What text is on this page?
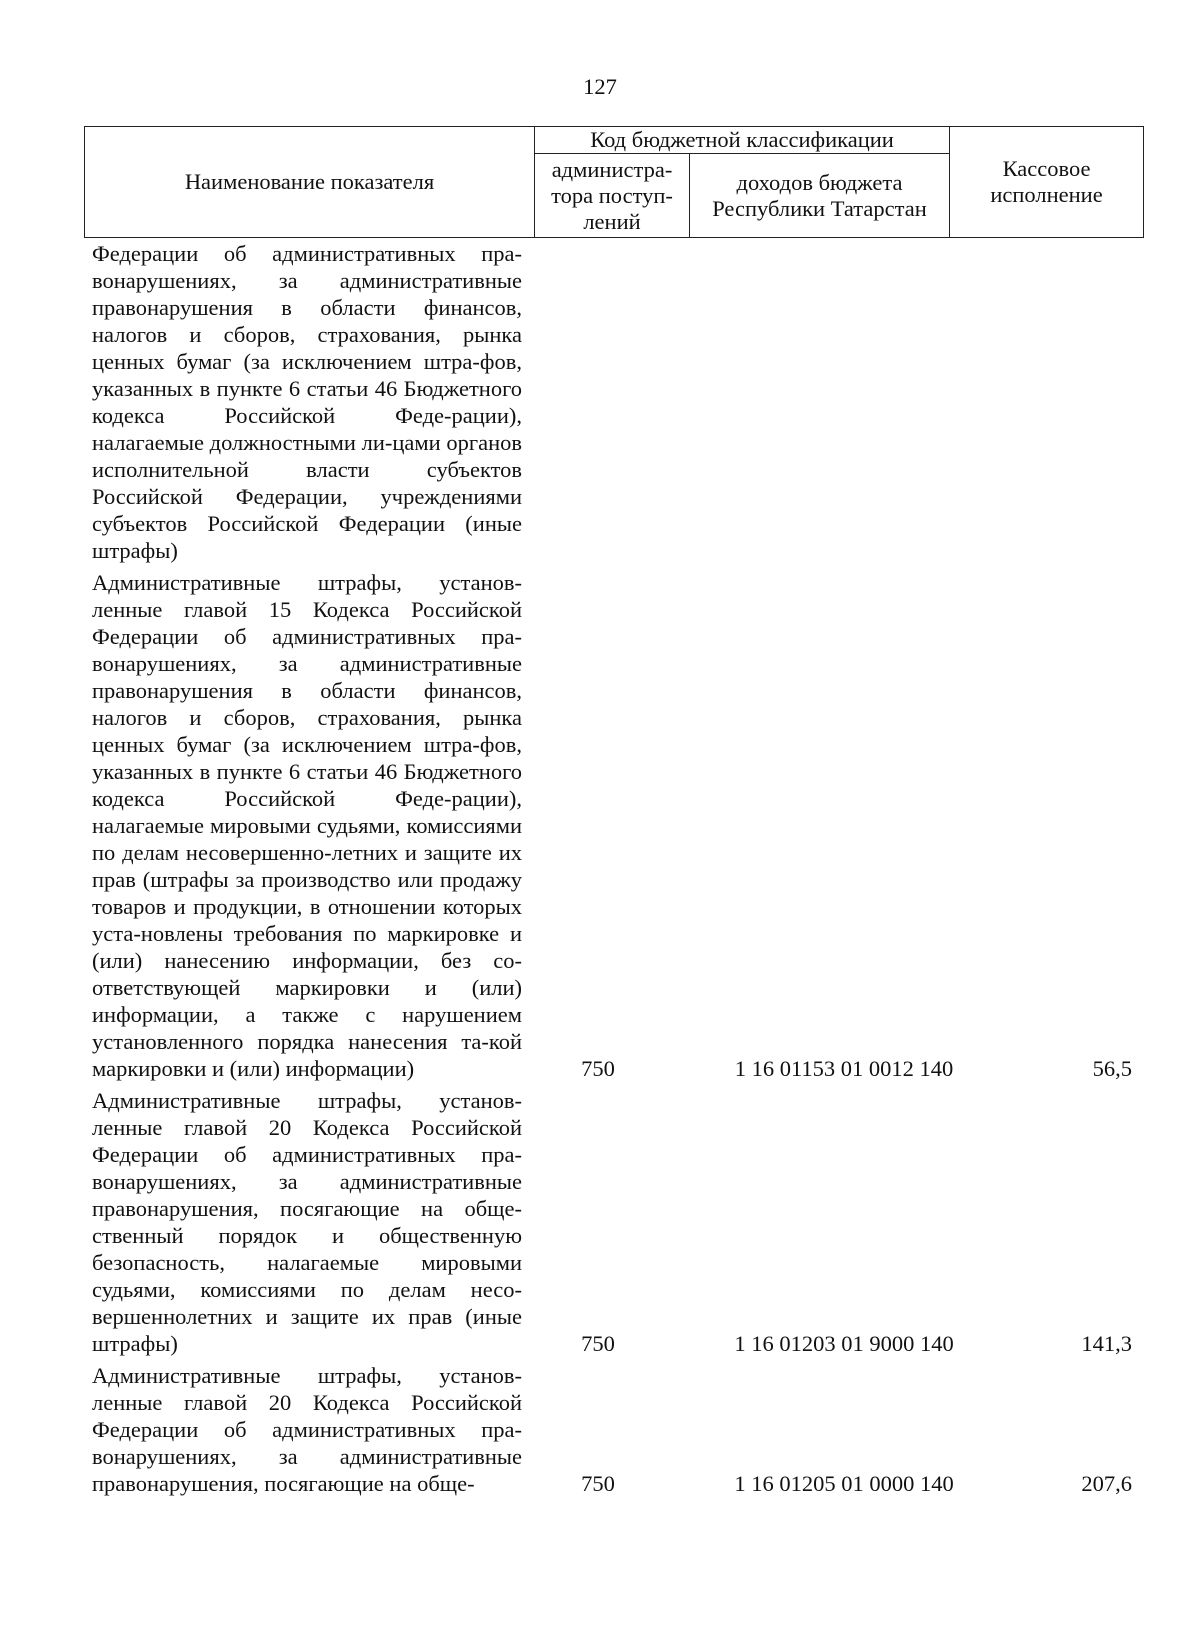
127
Наименование показателя	Код бюджетной классификации		Кассовое исполнение
	администра-тора поступ-лений	доходов бюджета Республики Татарстан	
Федерации об административных пра-вонарушениях, за административные правонарушения в области финансов, налогов и сборов, страхования, рынка ценных бумаг (за исключением штра-фов, указанных в пункте 6 статьи 46 Бюджетного кодекса Российской Феде-рации), налагаемые должностными ли-цами органов исполнительной власти субъектов Российской Федерации, учреждениями субъектов Российской Федерации (иные штрафы)
Административные штрафы, установ-ленные главой 15 Кодекса Российской Федерации об административных пра-вонарушениях, за административные правонарушения в области финансов, налогов и сборов, страхования, рынка ценных бумаг (за исключением штра-фов, указанных в пункте 6 статьи 46 Бюджетного кодекса Российской Феде-рации), налагаемые мировыми судьями, комиссиями по делам несовершенно-летних и защите их прав (штрафы за производство или продажу товаров и продукции, в отношении которых уста-новлены требования по маркировке и (или) нанесению информации, без со-ответствующей маркировки и (или) информации, а также с нарушением установленного порядка нанесения та-кой маркировки и (или) информации)	750	1 16 01153 01 0012 140	56,5
Административные штрафы, установ-ленные главой 20 Кодекса Российской Федерации об административных пра-вонарушениях, за административные правонарушения, посягающие на обще-ственный порядок и общественную безопасность, налагаемые мировыми судьями, комиссиями по делам несо-вершеннолетних и защите их прав (иные штрафы)	750	1 16 01203 01 9000 140	141,3
Административные штрафы, установ-ленные главой 20 Кодекса Российской Федерации об административных пра-вонарушениях, за административные правонарушения, посягающие на обще-	750	1 16 01205 01 0000 140	207,6
